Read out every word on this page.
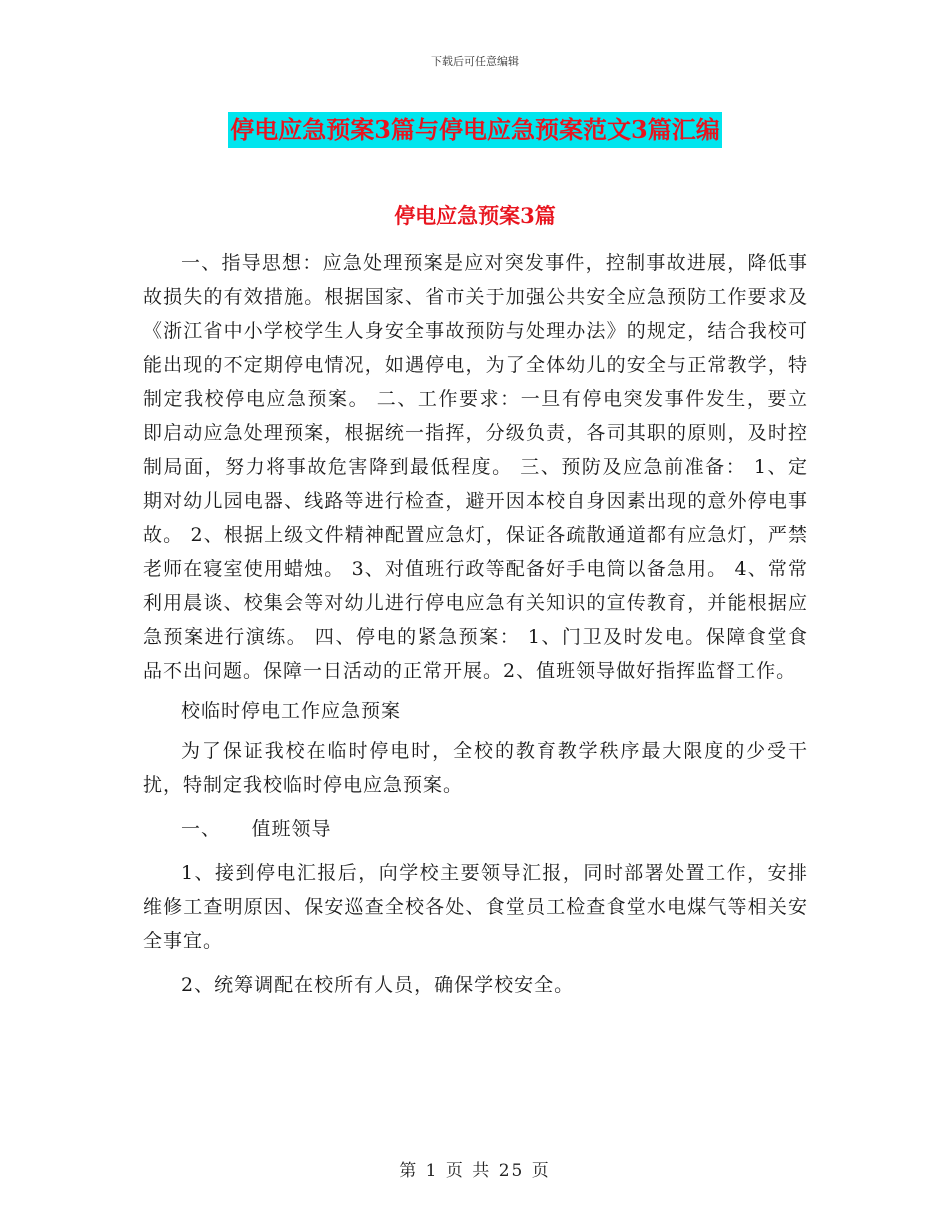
下载后可任意编辑
停电应急预案3篇与停电应急预案范文3篇汇编
停电应急预案3篇

一、指导思想：应急处理预案是应对突发事件，控制事故进展，降低事故损失的有效措施。根据国家、省市关于加强公共安全应急预防工作要求及《浙江省中小学校学生人身安全事故预防与处理办法》的规定，结合我校可能出现的不定期停电情况，如遇停电，为了全体幼儿的安全与正常教学，特制定我校停电应急预案。 二、工作要求：一旦有停电突发事件发生，要立即启动应急处理预案，根据统一指挥，分级负责，各司其职的原则，及时控制局面，努力将事故危害降到最低程度。 三、预防及应急前准备： 1、定期对幼儿园电器、线路等进行检查，避开因本校自身因素出现的意外停电事故。 2、根据上级文件精神配置应急灯，保证各疏散通道都有应急灯，严禁老师在寝室使用蜡烛。 3、对值班行政等配备好手电筒以备急用。 4、常常利用晨谈、校集会等对幼儿进行停电应急有关知识的宣传教育，并能根据应急预案进行演练。 四、停电的紧急预案： 1、门卫及时发电。保障食堂食品不出问题。保障一日活动的正常开展。2、值班领导做好指挥监督工作。

校临时停电工作应急预案

为了保证我校在临时停电时，全校的教育教学秩序最大限度的少受干扰，特制定我校临时停电应急预案。

一、　　值班领导

1、接到停电汇报后，向学校主要领导汇报，同时部署处置工作，安排维修工查明原因、保安巡查全校各处、食堂员工检查食堂水电煤气等相关安全事宜。

2、统筹调配在校所有人员，确保学校安全。

第 1 页 共 25 页
